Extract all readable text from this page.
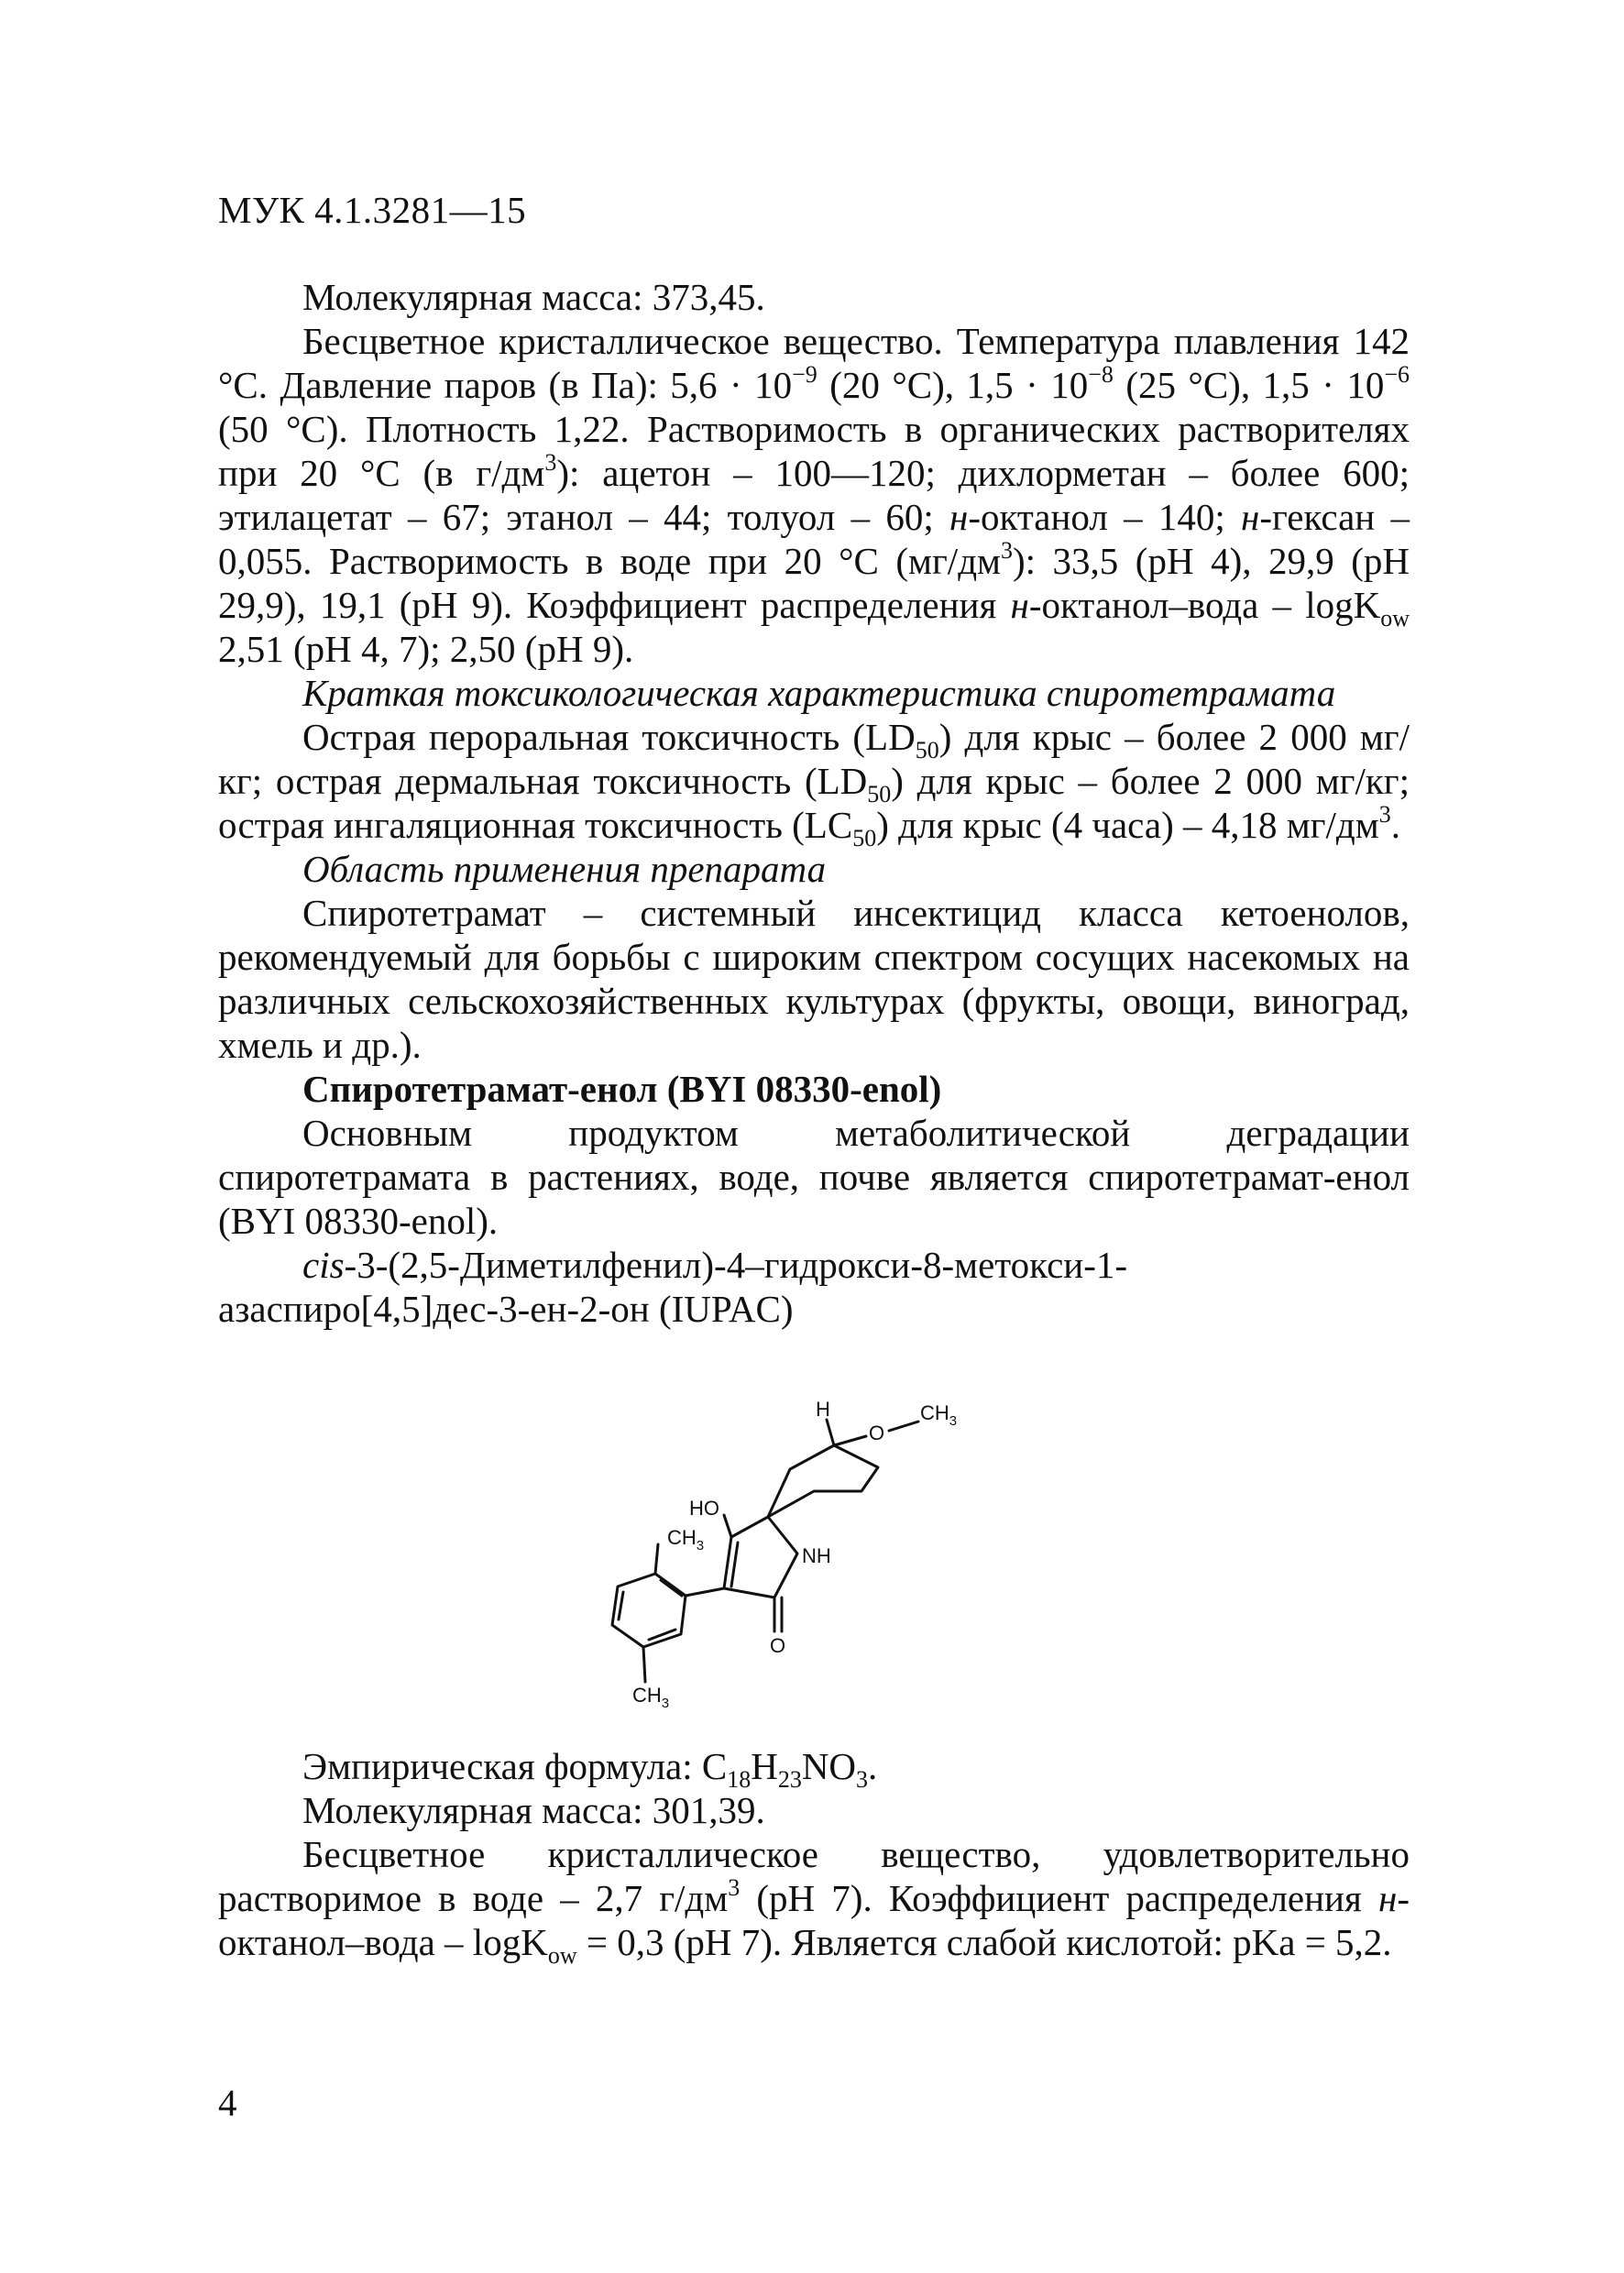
МУК 4.1.3281—15

Молекулярная масса: 373,45.

Бесцветное кристаллическое вещество. Температура плавления 142 °С. Давление паров (в Па): $5,6 \cdot 10^{-9}$ (20 °С), $1,5 \cdot 10^{-8}$ (25 °С), $1,5 \cdot 10^{-6}$ (50 °С). Плотность 1,22. Растворимость в органических растворителях при 20 °С (в $г/дм^3$): ацетон – 100—120; дихлорметан – более 600; этилацетат – 67; этанол – 44; толуол – 60; н-октанол – 140; н-гексан – 0,055. Растворимость в воде при 20 °С $(мг/дм^3)$: 33,5 (pH 4), 29,9 (pH 29,9), 19,1 (pH 9). Коэффициент распределения н-октанол–вода – logK$_{ow}$ 2,51 (pH 4, 7); 2,50 (pH 9).

Краткая токсикологическая характеристика спиротетрамата

Острая пероральная токсичность $(LD_{50})$ для крыс – более 2 000 мг/кг; острая дермальная токсичность $(LD_{50})$ для крыс – более 2 000 мг/кг; острая ингаляционная токсичность $(LC_{50})$ для крыс (4 часа) – 4,18 $мг/дм^3$.

Область применения препарата

Спиротетрамат – системный инсектицид класса кетоенолов, рекомендуемый для борьбы с широким спектром сосущих насекомых на различных сельскохозяйственных культурах (фрукты, овощи, виноград, хмель и др.).

Спиротетрамат-енол (BYI 08330-enol)

Основным продуктом метаболитической деградации спиротетрамата в растениях, воде, почве является спиротетрамат-енол (BYI 08330-enol).

cis-3-(2,5-Диметилфенил)-4–гидрокси-8-метокси-1-азаспиро[4,5]дес-3-ен-2-он (IUPAC)

H
O
$CH_3$
HO
$CH_3$	NH
O
$CH_3$

Эмпирическая формула: $C_{18}H_{23}NO_3$.

Молекулярная масса: 301,39.

Бесцветное кристаллическое вещество, удовлетворительно растворимое в воде – 2,7 $г/дм^3$ (pH 7). Коэффициент распределения н-октанол–вода – logK$_{ow}$ = 0,3 (pH 7). Является слабой кислотой: pKa = 5,2.

4
